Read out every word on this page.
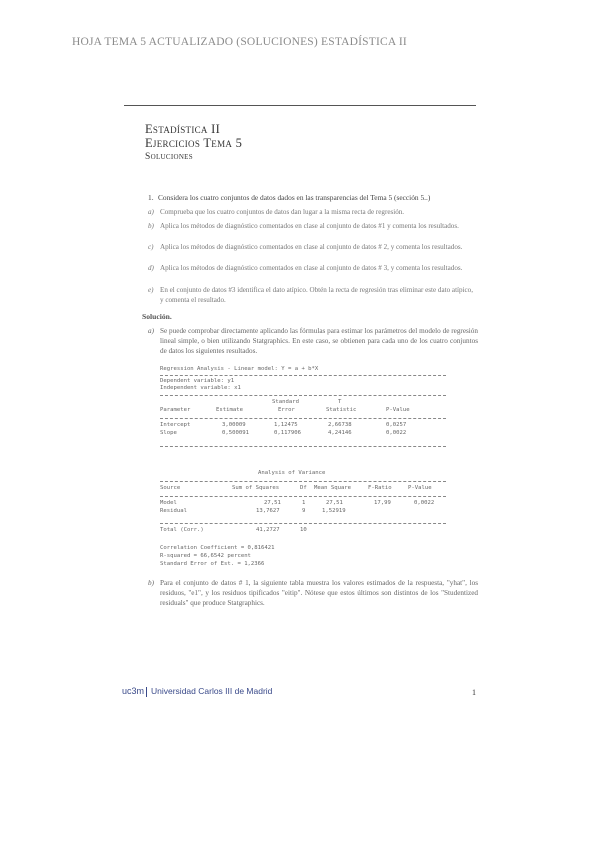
HOJA TEMA 5 ACTUALIZADO (SOLUCIONES) ESTADÍSTICA II
Estadística II
Ejercicios Tema 5
Soluciones
1. Considera los cuatro conjuntos de datos dados en las transparencias del Tema 5 (sección 5..)
a) Comprueba que los cuatro conjuntos de datos dan lugar a la misma recta de regresión.
b) Aplica los métodos de diagnóstico comentados en clase al conjunto de datos #1 y comenta los resultados.
c) Aplica los métodos de diagnóstico comentados en clase al conjunto de datos # 2, y comenta los resultados.
d) Aplica los métodos de diagnóstico comentados en clase al conjunto de datos # 3, y comenta los resultados.
e) En el conjunto de datos #3 identifica el dato atípico. Obtén la recta de regresión tras eliminar este dato atípico, y comenta el resultado.
Solución.
a) Se puede comprobar directamente aplicando las fórmulas para estimar los parámetros del modelo de regresión lineal simple, o bien utilizando Statgraphics. En este caso, se obtienen para cada uno de los cuatro conjuntos de datos los siguientes resultados.
Regression Analysis - Linear model: Y = a + b*X
Dependent variable: y1
Independent variable: x1
Standard	T
Parameter	Estimate	Error	Statistic	P-Value
Intercept	3,00009	1,12475	2,66738	0,0257
Slope	0,500091	0,117906	4,24146	0,0022
Analysis of Variance
Source	Sum of Squares	Df Mean Square	F-Ratio	P-Value
Model	27,51	1	27,51	17,99	0,0022
Residual	13,7627	9	1,52919
Total (Corr.)	41,2727	10
Correlation Coefficient = 0,816421
R-squared = 66,6542 percent
Standard Error of Est. = 1,2366
b) Para el conjunto de datos # 1, la siguiente tabla muestra los valores estimados de la respuesta, "yhat", los residuos, "e1", y los residuos tipificados "eitip". Nótese que estos últimos son distintos de los "Studentized residuals" que produce Statgraphics.
uc3m Universidad Carlos III de Madrid	1
